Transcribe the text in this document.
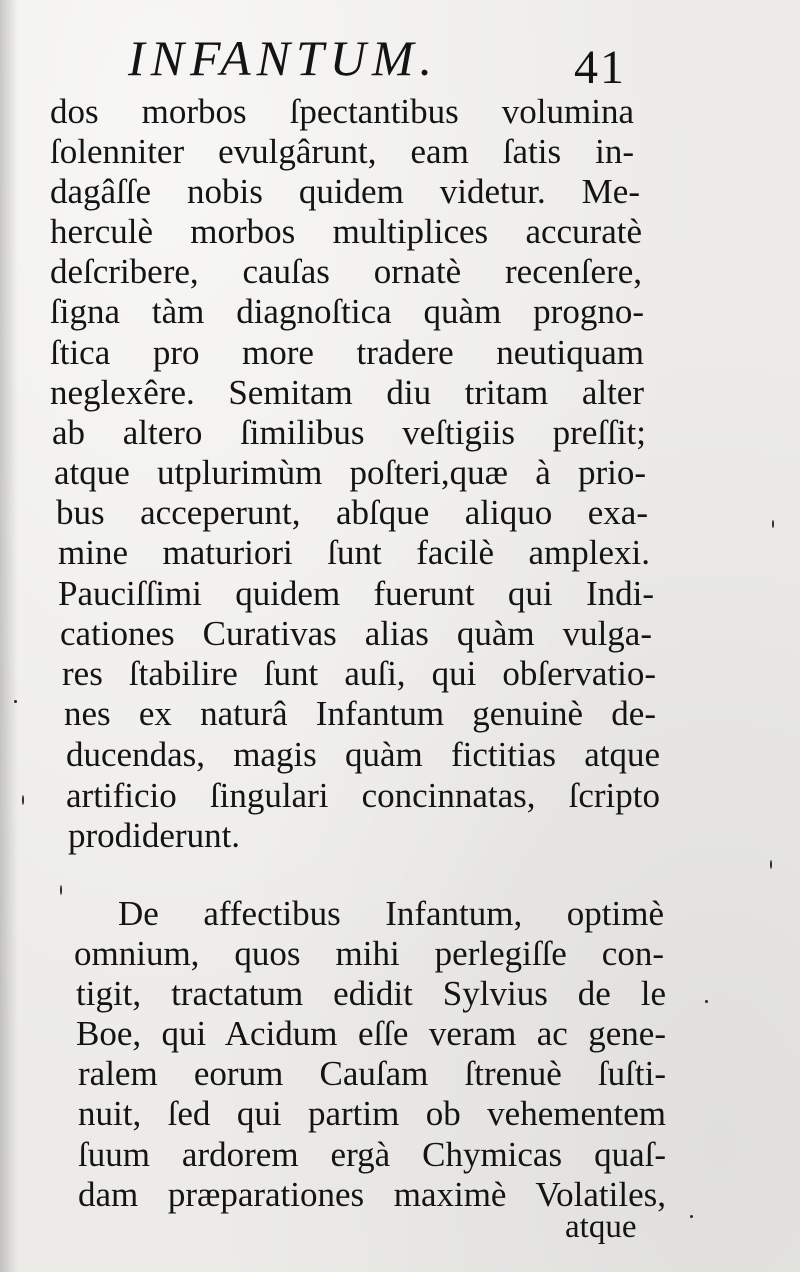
INFANTUM.	41
dos morbos ſpectantibus volumina
ſolenniter evulgârunt, eam ſatis in-
dagâſſe nobis quidem videtur. Me-
herculè morbos multiplices accuratè
deſcribere, cauſas ornatè recenſere,
ſigna tàm diagnoſtica quàm progno-
ſtica pro more tradere neutiquam
neglexêre. Semitam diu tritam alter
ab altero ſimilibus veſtigiis preſſit;
atque utplurimùm poſteri,quæ à prio-
bus acceperunt, abſque aliquo exa-
mine maturiori ſunt facilè amplexi.
Pauciſſimi quidem fuerunt qui Indi-
cationes Curativas alias quàm vulga-
res ſtabilire ſunt auſi, qui obſervatio-
nes ex naturâ Infantum genuinè de-
ducendas, magis quàm fictitias atque
artificio ſingulari concinnatas, ſcripto
prodiderunt.
De affectibus Infantum, optimè
omnium, quos mihi perlegiſſe con-
tigit, tractatum edidit Sylvius de le
Boe, qui Acidum eſſe veram ac gene-
ralem eorum Cauſam ſtrenuè ſuſti-
nuit, ſed qui partim ob vehementem
ſuum ardorem ergà Chymicas quaſ-
dam præparationes maximè Volatiles,
atque
